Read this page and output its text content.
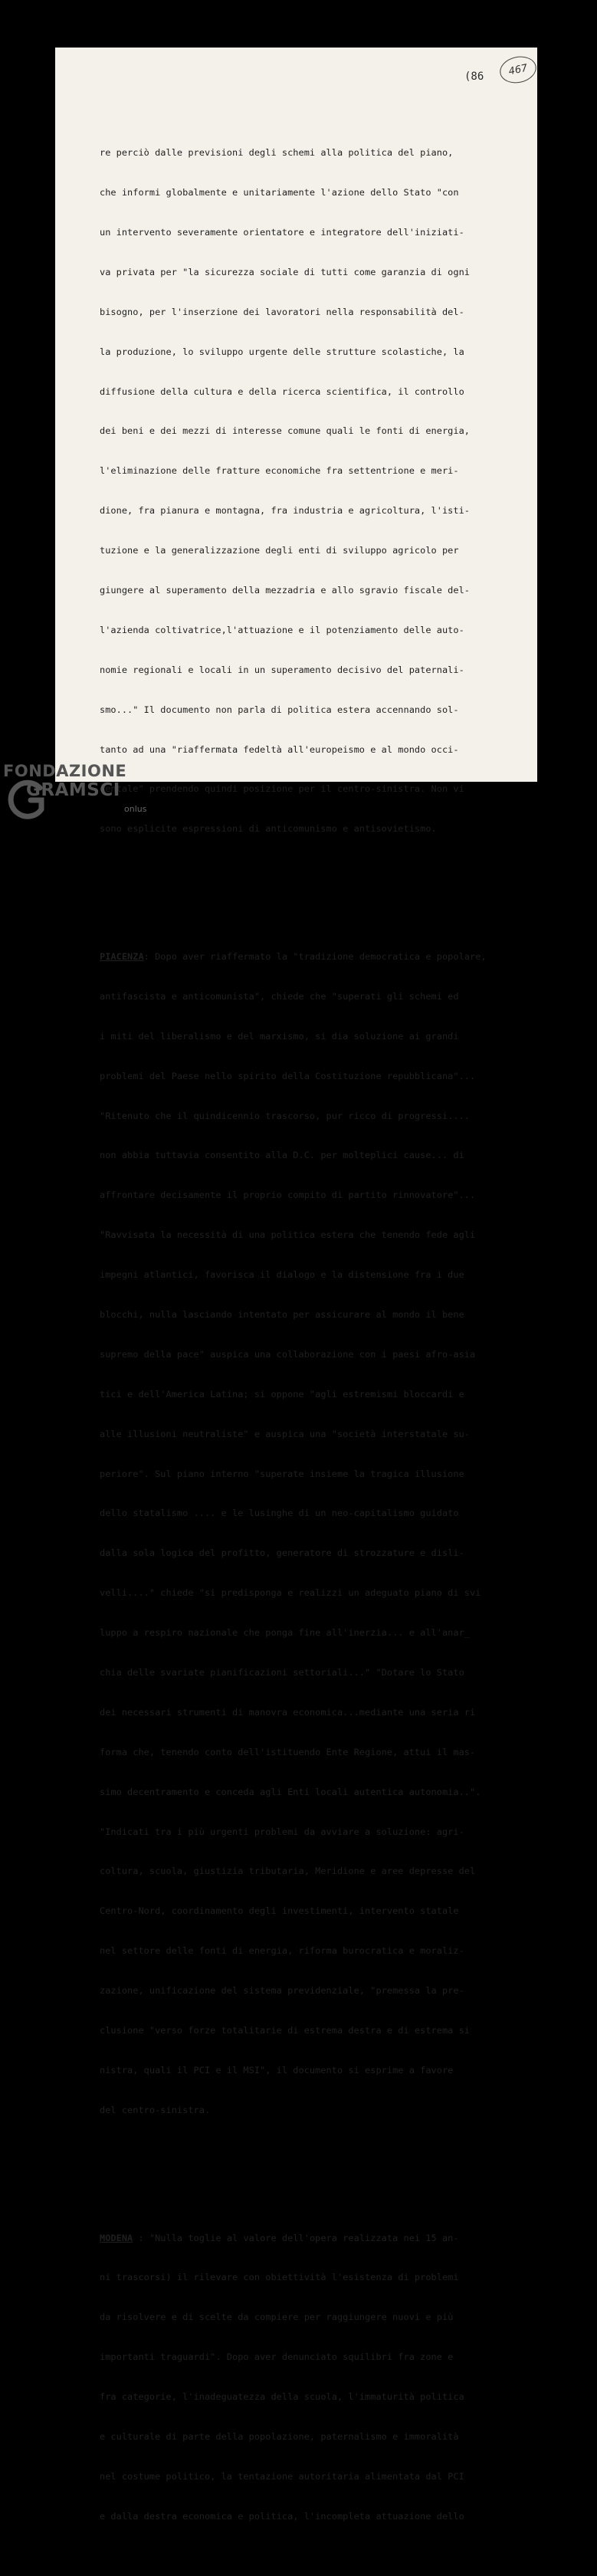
(86	467

re perciò dalle previsioni degli schemi alla politica del piano,

che informi globalmente e unitariamente l'azione dello Stato "con

un intervento severamente orientatore e integratore dell'iniziati-

va privata per "la sicurezza sociale di tutti come garanzia di ogni

bisogno, per l'inserzione dei lavoratori nella responsabilità del-

la produzione, lo sviluppo urgente delle strutture scolastiche, la

diffusione della cultura e della ricerca scientifica, il controllo

dei beni e dei mezzi di interesse comune quali le fonti di energia,

l'eliminazione delle fratture economiche fra settentrione e meri-

dione, fra pianura e montagna, fra industria e agricoltura, l'isti-

tuzione e la generalizzazione degli enti di sviluppo agricolo per

giungere al superamento della mezzadria e allo sgravio fiscale del-

l'azienda coltivatrice,l'attuazione e il potenziamento delle auto-

nomie regionali e locali in un superamento decisivo del paternali-

smo..." Il documento non parla di politica estera accennando sol-

tanto ad una "riaffermata fedeltà all'europeismo e al mondo occi-

dentale" prendendo quindi posizione per il centro-sinistra. Non vi

sono esplicite espressioni di anticomunismo e antisovietismo.

PIACENZA: Dopo aver riaffermato la "tradizione democratica e popolare,

antifascista e anticomunista", chiede che "superati gli schemi ed

i miti del liberalismo e del marxismo, si dia soluzione ai grandi

problemi del Paese nello spirito della Costituzione repubblicana"...

"Ritenuto che il quindicennio trascorso, pur ricco di progressi....

non abbia tuttavia consentito alla D.C. per molteplici cause... di

affrontare decisamente il proprio compito di partito rinnovatore"...

"Ravvisata la necessità di una politica estera che tenendo fede agli

impegni atlantici, favorisca il dialogo e la distensione fra i due

blocchi, nulla lasciando intentato per assicurare al mondo il bene

supremo della pace" auspica una collaborazione con i paesi afro-asia

tici e dell'America Latina; si oppone "agli estremismi bloccardi e

alle illusioni neutraliste" e auspica una "società interstatale su-

periore". Sul piano interno "superate insieme la tragica illusione

dello statalismo .... e le lusinghe di un neo-capitalismo guidato

dalla sola logica del profitto, generatore di strozzature e disli-

velli...." chiede "si predisponga e realizzi un adeguato piano di svi

luppo a respiro nazionale che ponga fine all'inerzia... e all'anar_

chia delle svariate pianificazioni settoriali..." "Dotare lo Stato

dei necessari strumenti di manovra economica...mediante una seria ri

forma che, tenendo conto dell'istituendo Ente Regione, attui il mas-

simo decentramento e conceda agli Enti locali autentica autonomia..".

"Indicati tra i più urgenti problemi da avviare a soluzione: agri-

coltura, scuola, giustizia tributaria, Meridione e aree depresse del

Centro-Nord, coordinamento degli investimenti, intervento statale

nel settore delle fonti di energia, riforma burocratica e moraliz-

zazione, unificazione del sistema previdenziale, "premessa la pre-

clusione "verso forze totalitarie di estrema destra e di estrema si

nistra, quali il PCI e il MSI", il documento si esprime a favore

del centro-sinistra.

MODENA : "Nulla toglie al valore dell'opera realizzata nei 15 an-

ni trascorsi) il rilevare con obiettività l'esistenza di problemi

da risolvere e di scelte da compiere per raggiungere nuovi e più

importanti traguardi". Dopo aver denunciato squilibri fra zone e

fra categorie, l'inadeguatezza della scuola, l'immaturità politica

e culturale di parte della popolazione, paternalismo e immoralità

nel costume politico, la tentazione autoritaria alimentata dal PCI

e dalla destra economica e politica, l'incompleta attuazione dello

FONDAZIONE
GRAMSCI
onlus
